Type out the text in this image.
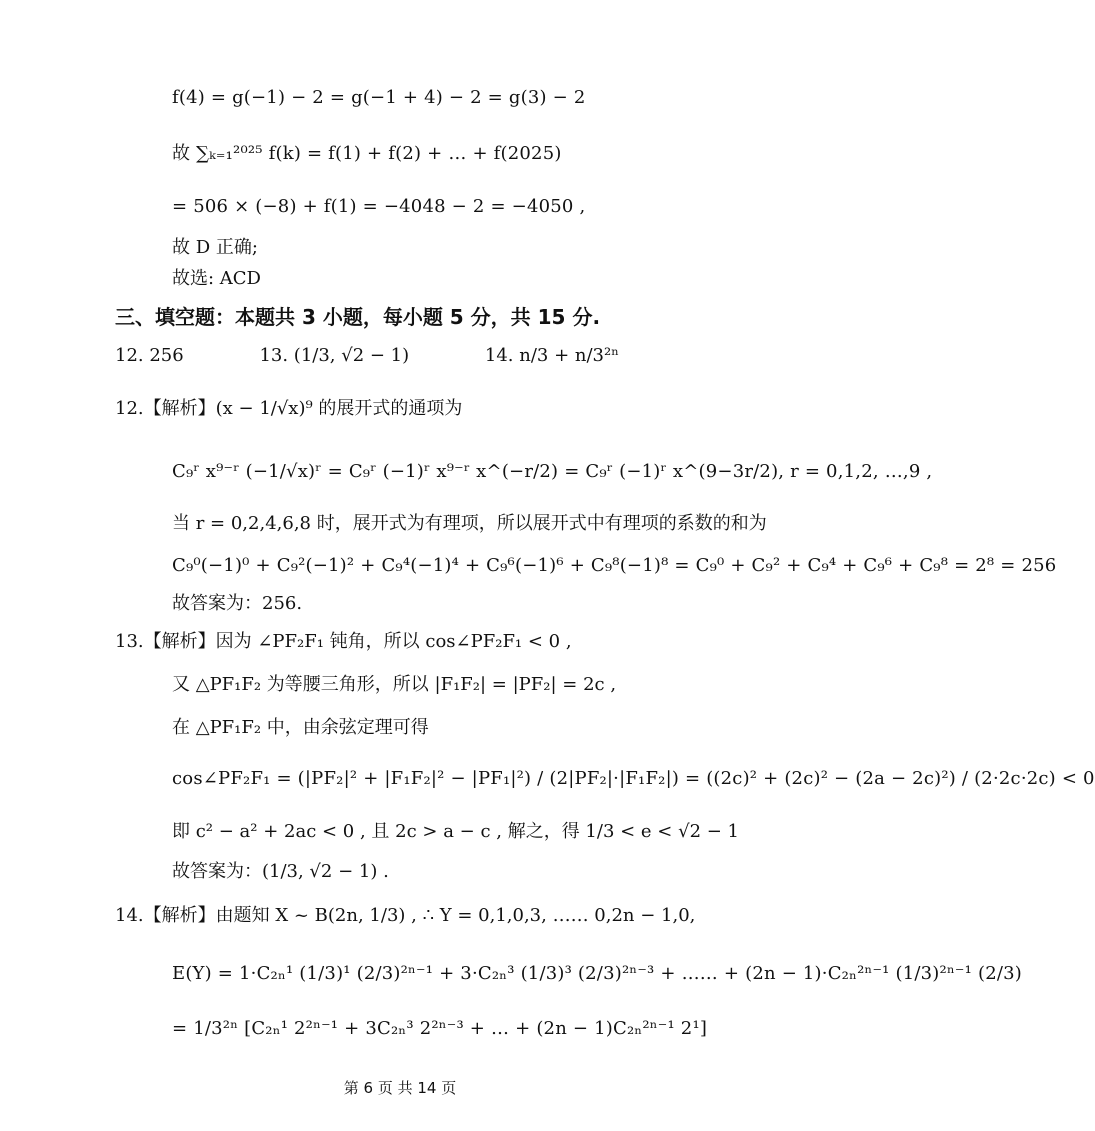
f(4) = g(−1) − 2 = g(−1 + 4) − 2 = g(3) − 2
故 ∑ₖ₌₁²⁰²⁵ f(k) = f(1) + f(2) + … + f(2025)
= 506 × (−8) + f(1) = −4048 − 2 = −4050 ,
故 D 正确;
故选: ACD
三、填空题：本题共 3 小题，每小题 5 分，共 15 分.
12. 256	13. (1/3, √2 − 1)	14. n/3 + n/3²ⁿ
12.【解析】(x − 1/√x)⁹ 的展开式的通项为
C₉ʳ x⁹⁻ʳ (−1/√x)ʳ = C₉ʳ (−1)ʳ x⁹⁻ʳ x^(−r/2) = C₉ʳ (−1)ʳ x^(9−3r/2), r = 0,1,2, …,9 ,
当 r = 0,2,4,6,8 时，展开式为有理项，所以展开式中有理项的系数的和为
C₉⁰(−1)⁰ + C₉²(−1)² + C₉⁴(−1)⁴ + C₉⁶(−1)⁶ + C₉⁸(−1)⁸ = C₉⁰ + C₉² + C₉⁴ + C₉⁶ + C₉⁸ = 2⁸ = 256
故答案为：256.
13.【解析】因为 ∠PF₂F₁ 钝角，所以 cos∠PF₂F₁ < 0 ,
又 △PF₁F₂ 为等腰三角形，所以 |F₁F₂| = |PF₂| = 2c ,
在 △PF₁F₂ 中，由余弦定理可得
cos∠PF₂F₁ = (|PF₂|² + |F₁F₂|² − |PF₁|²) / (2|PF₂|·|F₁F₂|) = ((2c)² + (2c)² − (2a − 2c)²) / (2·2c·2c) < 0
即 c² − a² + 2ac < 0 , 且 2c > a − c , 解之，得 1/3 < e < √2 − 1
故答案为：(1/3, √2 − 1) .
14.【解析】由题知 X ~ B(2n, 1/3) , ∴ Y = 0,1,0,3, …… 0,2n − 1,0,
E(Y) = 1·C₂ₙ¹ (1/3)¹ (2/3)²ⁿ⁻¹ + 3·C₂ₙ³ (1/3)³ (2/3)²ⁿ⁻³ + …… + (2n − 1)·C₂ₙ²ⁿ⁻¹ (1/3)²ⁿ⁻¹ (2/3)
= 1/3²ⁿ [C₂ₙ¹ 2²ⁿ⁻¹ + 3C₂ₙ³ 2²ⁿ⁻³ + … + (2n − 1)C₂ₙ²ⁿ⁻¹ 2¹]
第 6 页 共 14 页
